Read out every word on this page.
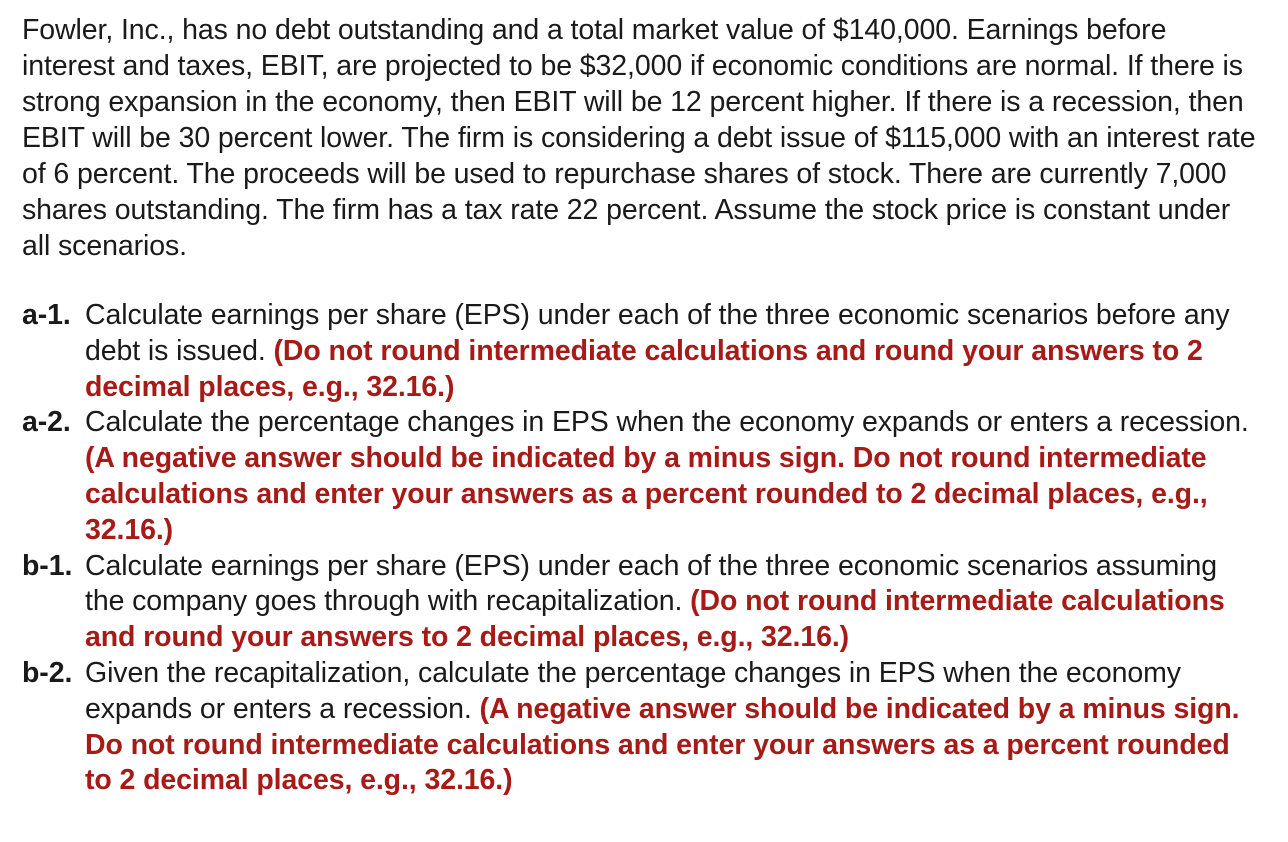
Fowler, Inc., has no debt outstanding and a total market value of $140,000. Earnings before interest and taxes, EBIT, are projected to be $32,000 if economic conditions are normal. If there is strong expansion in the economy, then EBIT will be 12 percent higher. If there is a recession, then EBIT will be 30 percent lower. The firm is considering a debt issue of $115,000 with an interest rate of 6 percent. The proceeds will be used to repurchase shares of stock. There are currently 7,000 shares outstanding. The firm has a tax rate 22 percent. Assume the stock price is constant under all scenarios.

a-1. Calculate earnings per share (EPS) under each of the three economic scenarios before any debt is issued. (Do not round intermediate calculations and round your answers to 2 decimal places, e.g., 32.16.)
a-2. Calculate the percentage changes in EPS when the economy expands or enters a recession. (A negative answer should be indicated by a minus sign. Do not round intermediate calculations and enter your answers as a percent rounded to 2 decimal places, e.g., 32.16.)
b-1. Calculate earnings per share (EPS) under each of the three economic scenarios assuming the company goes through with recapitalization. (Do not round intermediate calculations and round your answers to 2 decimal places, e.g., 32.16.)
b-2. Given the recapitalization, calculate the percentage changes in EPS when the economy expands or enters a recession. (A negative answer should be indicated by a minus sign. Do not round intermediate calculations and enter your answers as a percent rounded to 2 decimal places, e.g., 32.16.)
